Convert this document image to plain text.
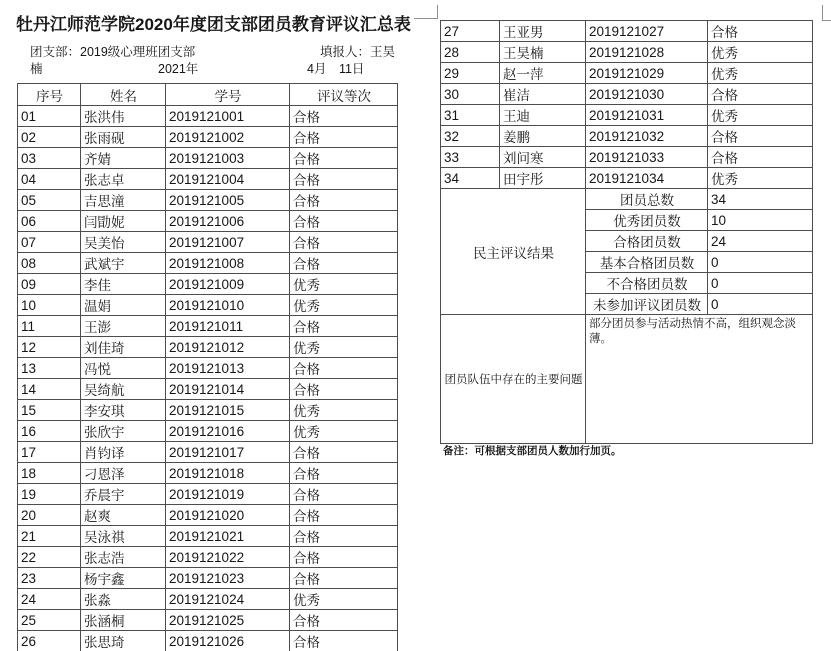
牡丹江师范学院2020年度团支部团员教育评议汇总表
团支部：2019级心理班团支部	填报人：王昊
楠	2021年	4月　11日
序号	姓名	学号	评议等次
01	张洪伟	2019121001	合格
02	张雨砚	2019121002	合格
03	齐婧	2019121003	合格
04	张志卓	2019121004	合格
05	吉思潼	2019121005	合格
06	闫勖妮	2019121006	合格
07	吴美怡	2019121007	合格
08	武斌宇	2019121008	合格
09	李佳	2019121009	优秀
10	温娟	2019121010	优秀
11	王澎	2019121011	合格
12	刘佳琦	2019121012	优秀
13	冯悦	2019121013	合格
14	吴绮航	2019121014	合格
15	李安琪	2019121015	优秀
16	张欣宇	2019121016	优秀
17	肖钧译	2019121017	合格
18	刁恩泽	2019121018	合格
19	乔晨宇	2019121019	合格
20	赵爽	2019121020	合格
21	吴泳祺	2019121021	合格
22	张志浩	2019121022	合格
23	杨宇鑫	2019121023	合格
24	张淼	2019121024	优秀
25	张涵桐	2019121025	合格
26	张思琦	2019121026	合格
27	王亚男	2019121027	合格
28	王昊楠	2019121028	优秀
29	赵一萍	2019121029	优秀
30	崔洁	2019121030	合格
31	王迪	2019121031	优秀
32	姜鹏	2019121032	合格
33	刘问寒	2019121033	合格
34	田宇彤	2019121034	优秀
民主评议结果		团员总数	34
		优秀团员数	10
		合格团员数	24
		基本合格团员数	0
		不合格团员数	0
		未参加评议团员数	0
团员队伍中存在的主要问题		部分团员参与活动热情不高，组织观念淡薄。	
备注：可根据支部团员人数加行加页。
